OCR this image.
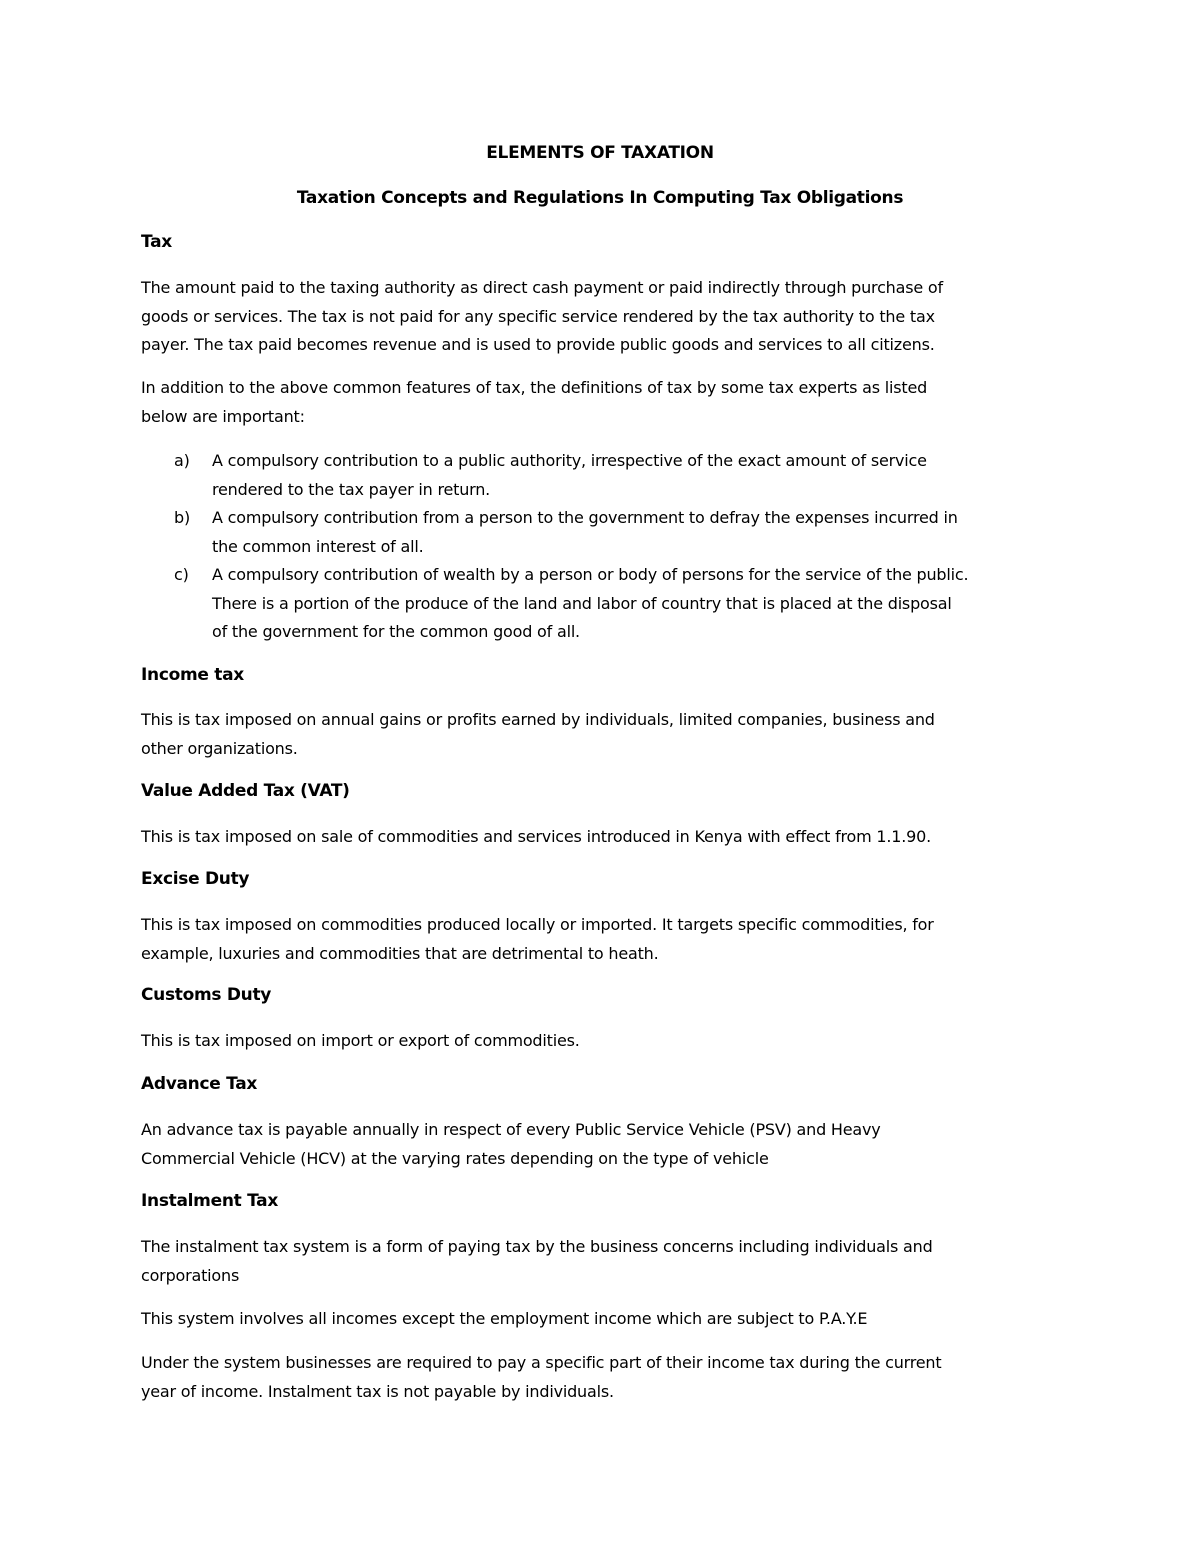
ELEMENTS OF TAXATION
Taxation Concepts and Regulations In Computing Tax Obligations
Tax
The amount paid to the taxing authority as direct cash payment or paid indirectly through purchase of
goods or services. The tax is not paid for any specific service rendered by the tax authority to the tax
payer. The tax paid becomes revenue and is used to provide public goods and services to all citizens.
In addition to the above common features of tax, the definitions of tax by some tax experts as listed
below are important:
a) A compulsory contribution to a public authority, irrespective of the exact amount of service
rendered to the tax payer in return.
b) A compulsory contribution from a person to the government to defray the expenses incurred in
the common interest of all.
c) A compulsory contribution of wealth by a person or body of persons for the service of the public.
There is a portion of the produce of the land and labor of country that is placed at the disposal
of the government for the common good of all.
Income tax
This is tax imposed on annual gains or profits earned by individuals, limited companies, business and
other organizations.
Value Added Tax (VAT)
This is tax imposed on sale of commodities and services introduced in Kenya with effect from 1.1.90.
Excise Duty
This is tax imposed on commodities produced locally or imported. It targets specific commodities, for
example, luxuries and commodities that are detrimental to heath.
Customs Duty
This is tax imposed on import or export of commodities.
Advance Tax
An advance tax is payable annually in respect of every Public Service Vehicle (PSV) and Heavy
Commercial Vehicle (HCV) at the varying rates depending on the type of vehicle
Instalment Tax
The instalment tax system is a form of paying tax by the business concerns including individuals and
corporations
This system involves all incomes except the employment income which are subject to P.A.Y.E
Under the system businesses are required to pay a specific part of their income tax during the current
year of income. Instalment tax is not payable by individuals.
